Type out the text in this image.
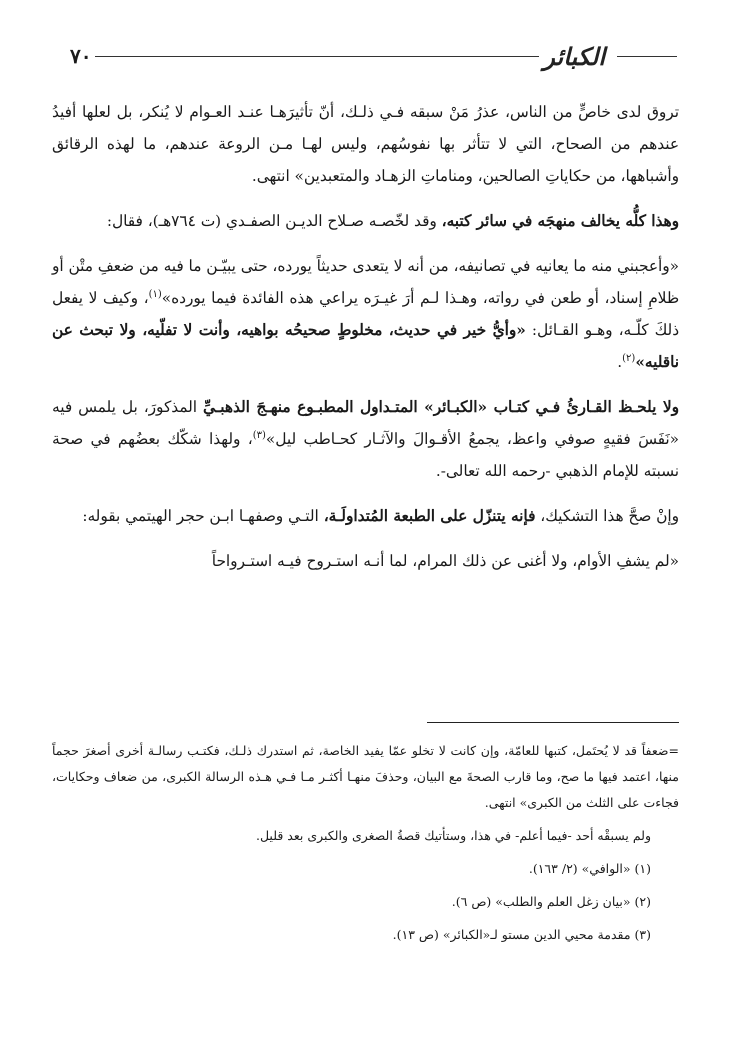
٧٠	الكبائر

تروق لدى خاصٍّ من الناس، عذرُ مَنْ سبقه فـي ذلـك، أنّ تأثيرَهـا عنـد العـوام لا يُنكر، بل لعلها أفيدُ عندهم من الصحاح، التي لا تتأثر بها نفوسُهم، وليس لهـا مـن الروعة عندهم، ما لهذه الرقائق وأشباهها، من حكاياتِ الصالحين، ومناماتِ الزهـاد والمتعبدين» انتهى.

وهذا كلُّه يخالف منهجَه في سائر كتبه، وقد لخّصـه صـلاح الديـن الصفـدي (ت ٧٦٤هـ)، فقال:

«وأعجبني منه ما يعانيه في تصانيفه، من أنه لا يتعدى حديثاً يورده، حتى يبيّـن ما فيه من ضعفِ متْن أو ظلامِ إسناد، أو طعن في رواته، وهـذا لـم أرَ غيـرَه يراعي هذه الفائدة فيما يورده»$^{(١)}$، وكيف لا يفعل ذلكَ كلّـه، وهـو القـائل: «وأيُّ خير في حديث، مخلوطٍ صحيحُه بواهيه، وأنت لا تفلّيه، ولا تبحث عن ناقليه»$^{(٢)}$.

ولا يلحـظ القـارئُ فـي كتـاب «الكبـائر» المتـداول المطبـوع منهـجَ الذهبـيِّ المذكورَ، بل يلمس فيه «نَفَسَ فقيهٍ صوفي واعظ، يجمعُ الأقـوالَ والآثـار كحـاطب ليل»$^{(٣)}$، ولهذا شكّك بعضُهم في صحة نسبته للإمام الذهبي -رحمه الله تعالى-.

وإنْ صحَّ هذا التشكيك، فإنه يتنزّل على الطبعة المُتداولَـة، التـي وصفهـا ابـن حجر الهيتمي بقوله:

«لم يشفِ الأوام، ولا أغنى عن ذلك المرام، لما أنـه استـروح فيـه استـرواحاً

=ضعفاً قد لا يُحتَمل، كتبها للعامّة، وإن كانت لا تخلو عمّا يفيد الخاصة، ثم استدرك ذلـك، فكتـب رسالـة أخرى أصغرَ حجماً منها، اعتمد فيها ما صح، وما قارب الصحةَ مع البيان، وحذفَ منهـا أكثـر مـا فـي هـذه الرسالة الكبرى، من ضعاف وحكايات، فجاءت على الثلث من الكبرى» انتهى.

ولم يسبقْه أحد -فيما أعلم- في هذا، وستأتيك قصةُ الصغرى والكبرى بعد قليل.

(١) «الوافي» (٢/ ١٦٣).

(٢) «بيان زغل العلم والطلب» (ص ٦).

(٣) مقدمة محيي الدين مستو لـ«الكبائر» (ص ١٣).
